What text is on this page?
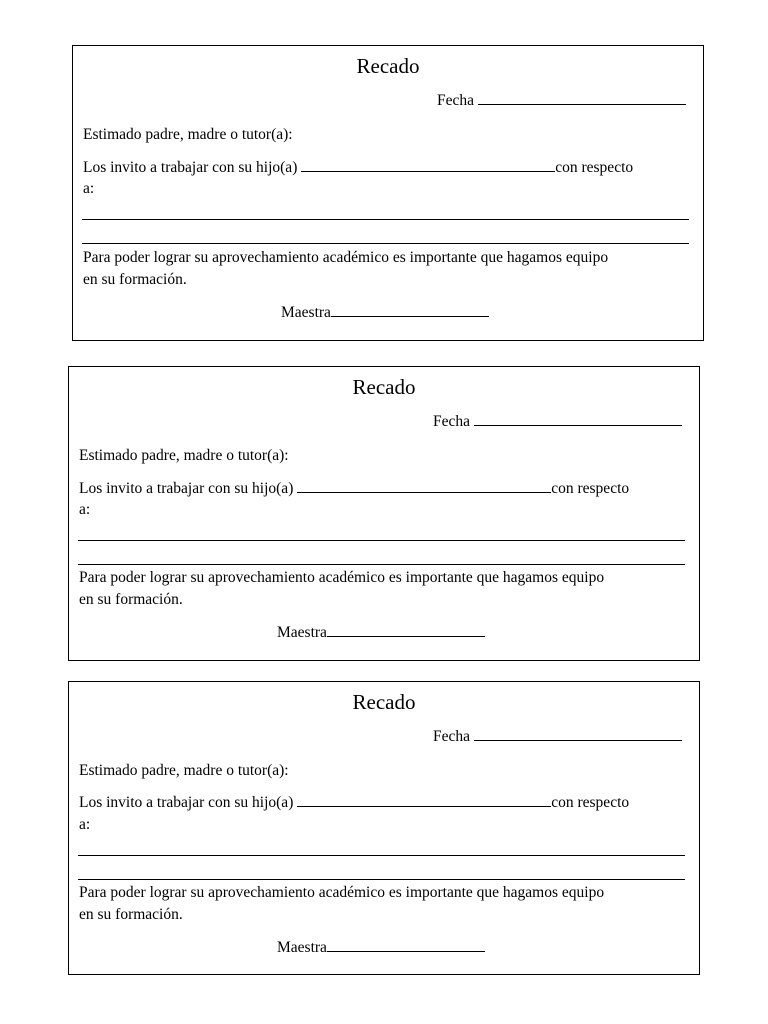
Recado
Fecha
Estimado padre, madre o tutor(a):
Los invito a trabajar con su hijo(a)	con respecto
a:
Para poder lograr su aprovechamiento académico es importante que hagamos equipo
en su formación.
Maestra
Recado
Fecha
Estimado padre, madre o tutor(a):
Los invito a trabajar con su hijo(a)	con respecto
a:
Para poder lograr su aprovechamiento académico es importante que hagamos equipo
en su formación.
Maestra
Recado
Fecha
Estimado padre, madre o tutor(a):
Los invito a trabajar con su hijo(a)	con respecto
a:
Para poder lograr su aprovechamiento académico es importante que hagamos equipo
en su formación.
Maestra
